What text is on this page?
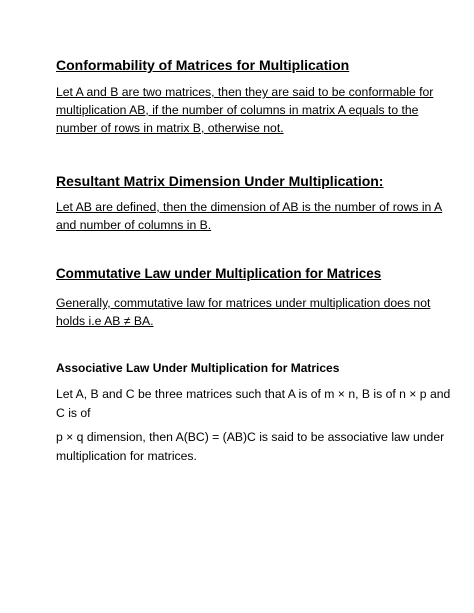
Conformability of Matrices for Multiplication
Let A and B are two matrices, then they are said to be conformable for
multiplication AB, if the number of columns in matrix A equals to the
number of rows in matrix B, otherwise not.
Resultant Matrix Dimension Under Multiplication:
Let AB are defined, then the dimension of AB is the number of rows in A
and number of columns in B.
Commutative Law under Multiplication for Matrices
Generally, commutative law for matrices under multiplication does not
holds i.e AB ≠ BA.
Associative Law Under Multiplication for Matrices
Let A, B and C be three matrices such that A is of m × n, B is of n × p and
C is of
p × q dimension, then A(BC) = (AB)C is said to be associative law under
multiplication for matrices.
